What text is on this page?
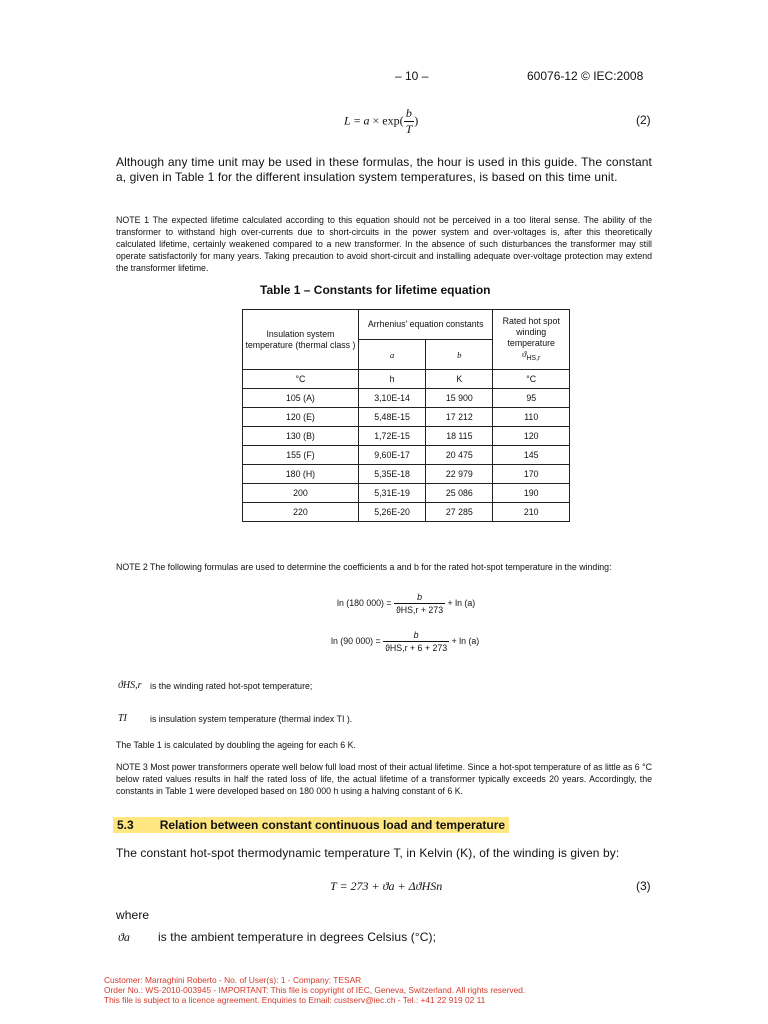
– 10 –	60076-12 © IEC:2008
$L = a \times \exp( \frac{b}{T}$ )	(2)
Although any time unit may be used in these formulas, the hour is used in this guide. The constant a, given in Table 1 for the different insulation system temperatures, is based on this time unit.
NOTE 1 The expected lifetime calculated according to this equation should not be perceived in a too literal sense. The ability of the transformer to withstand high over-currents due to short-circuits in the power system and over-voltages is, after this theoretically calculated lifetime, certainly weakened compared to a new transformer. In the absence of such disturbances the transformer may still operate satisfactorily for many years. Taking precaution to avoid short-circuit and installing adequate over-voltage protection may extend the transformer lifetime.
Table 1 – Constants for lifetime equation
Insulation system temperature (thermal class )	Arrhenius' equation constants		Rated hot spot winding temperature
$ϑ_{HS,r}$
	a	b	
°C	h	K	°C
105 (A)	3,10E-14	15 900	95
120 (E)	5,48E-15	17 212	110
130 (B)	1,72E-15	18 115	120
155 (F)	9,60E-17	20 475	145
180 (H)	5,35E-18	22 979	170
200	5,31E-19	25 086	190
220	5,26E-20	27 285	210
NOTE 2 The following formulas are used to determine the coefficients a and b for the rated hot-spot temperature in the winding:
ln (180 $000) = \frac{b}{\text{ϑHS,r + 273}} + \ln (a)$
ln (90 $000) = \frac{b}{\text{ϑHS,r + 6 + 273}} + \ln (a)$
ϑHS,r is the winding rated hot-spot temperature;
TI	is insulation system temperature (thermal index TI ).
The Table 1 is calculated by doubling the ageing for each 6 K.
NOTE 3 Most power transformers operate well below full load most of their actual lifetime. Since a hot-spot temperature of as little as 6 °C below rated values results in half the rated loss of life, the actual lifetime of a transformer typically exceeds 20 years. Accordingly, the constants in Table 1 were developed based on 180 000 h using a halving constant of 6 K.
5.3 Relation between constant continuous load and temperature
The constant hot-spot thermodynamic temperature T, in Kelvin (K), of the winding is given by:
T = 273 + ϑa + ΔϑHSn	(3)
where
ϑa is the ambient temperature in degrees Celsius (°C);
Customer: Marraghini Roberto - No. of User(s): 1 - Company: TESAR
Order No.: WS-2010-003945 - IMPORTANT: This file is copyright of IEC, Geneva, Switzerland. All rights reserved.
This file is subject to a licence agreement. Enquiries to Email: custserv@iec.ch - Tel.: +41 22 919 02 11
